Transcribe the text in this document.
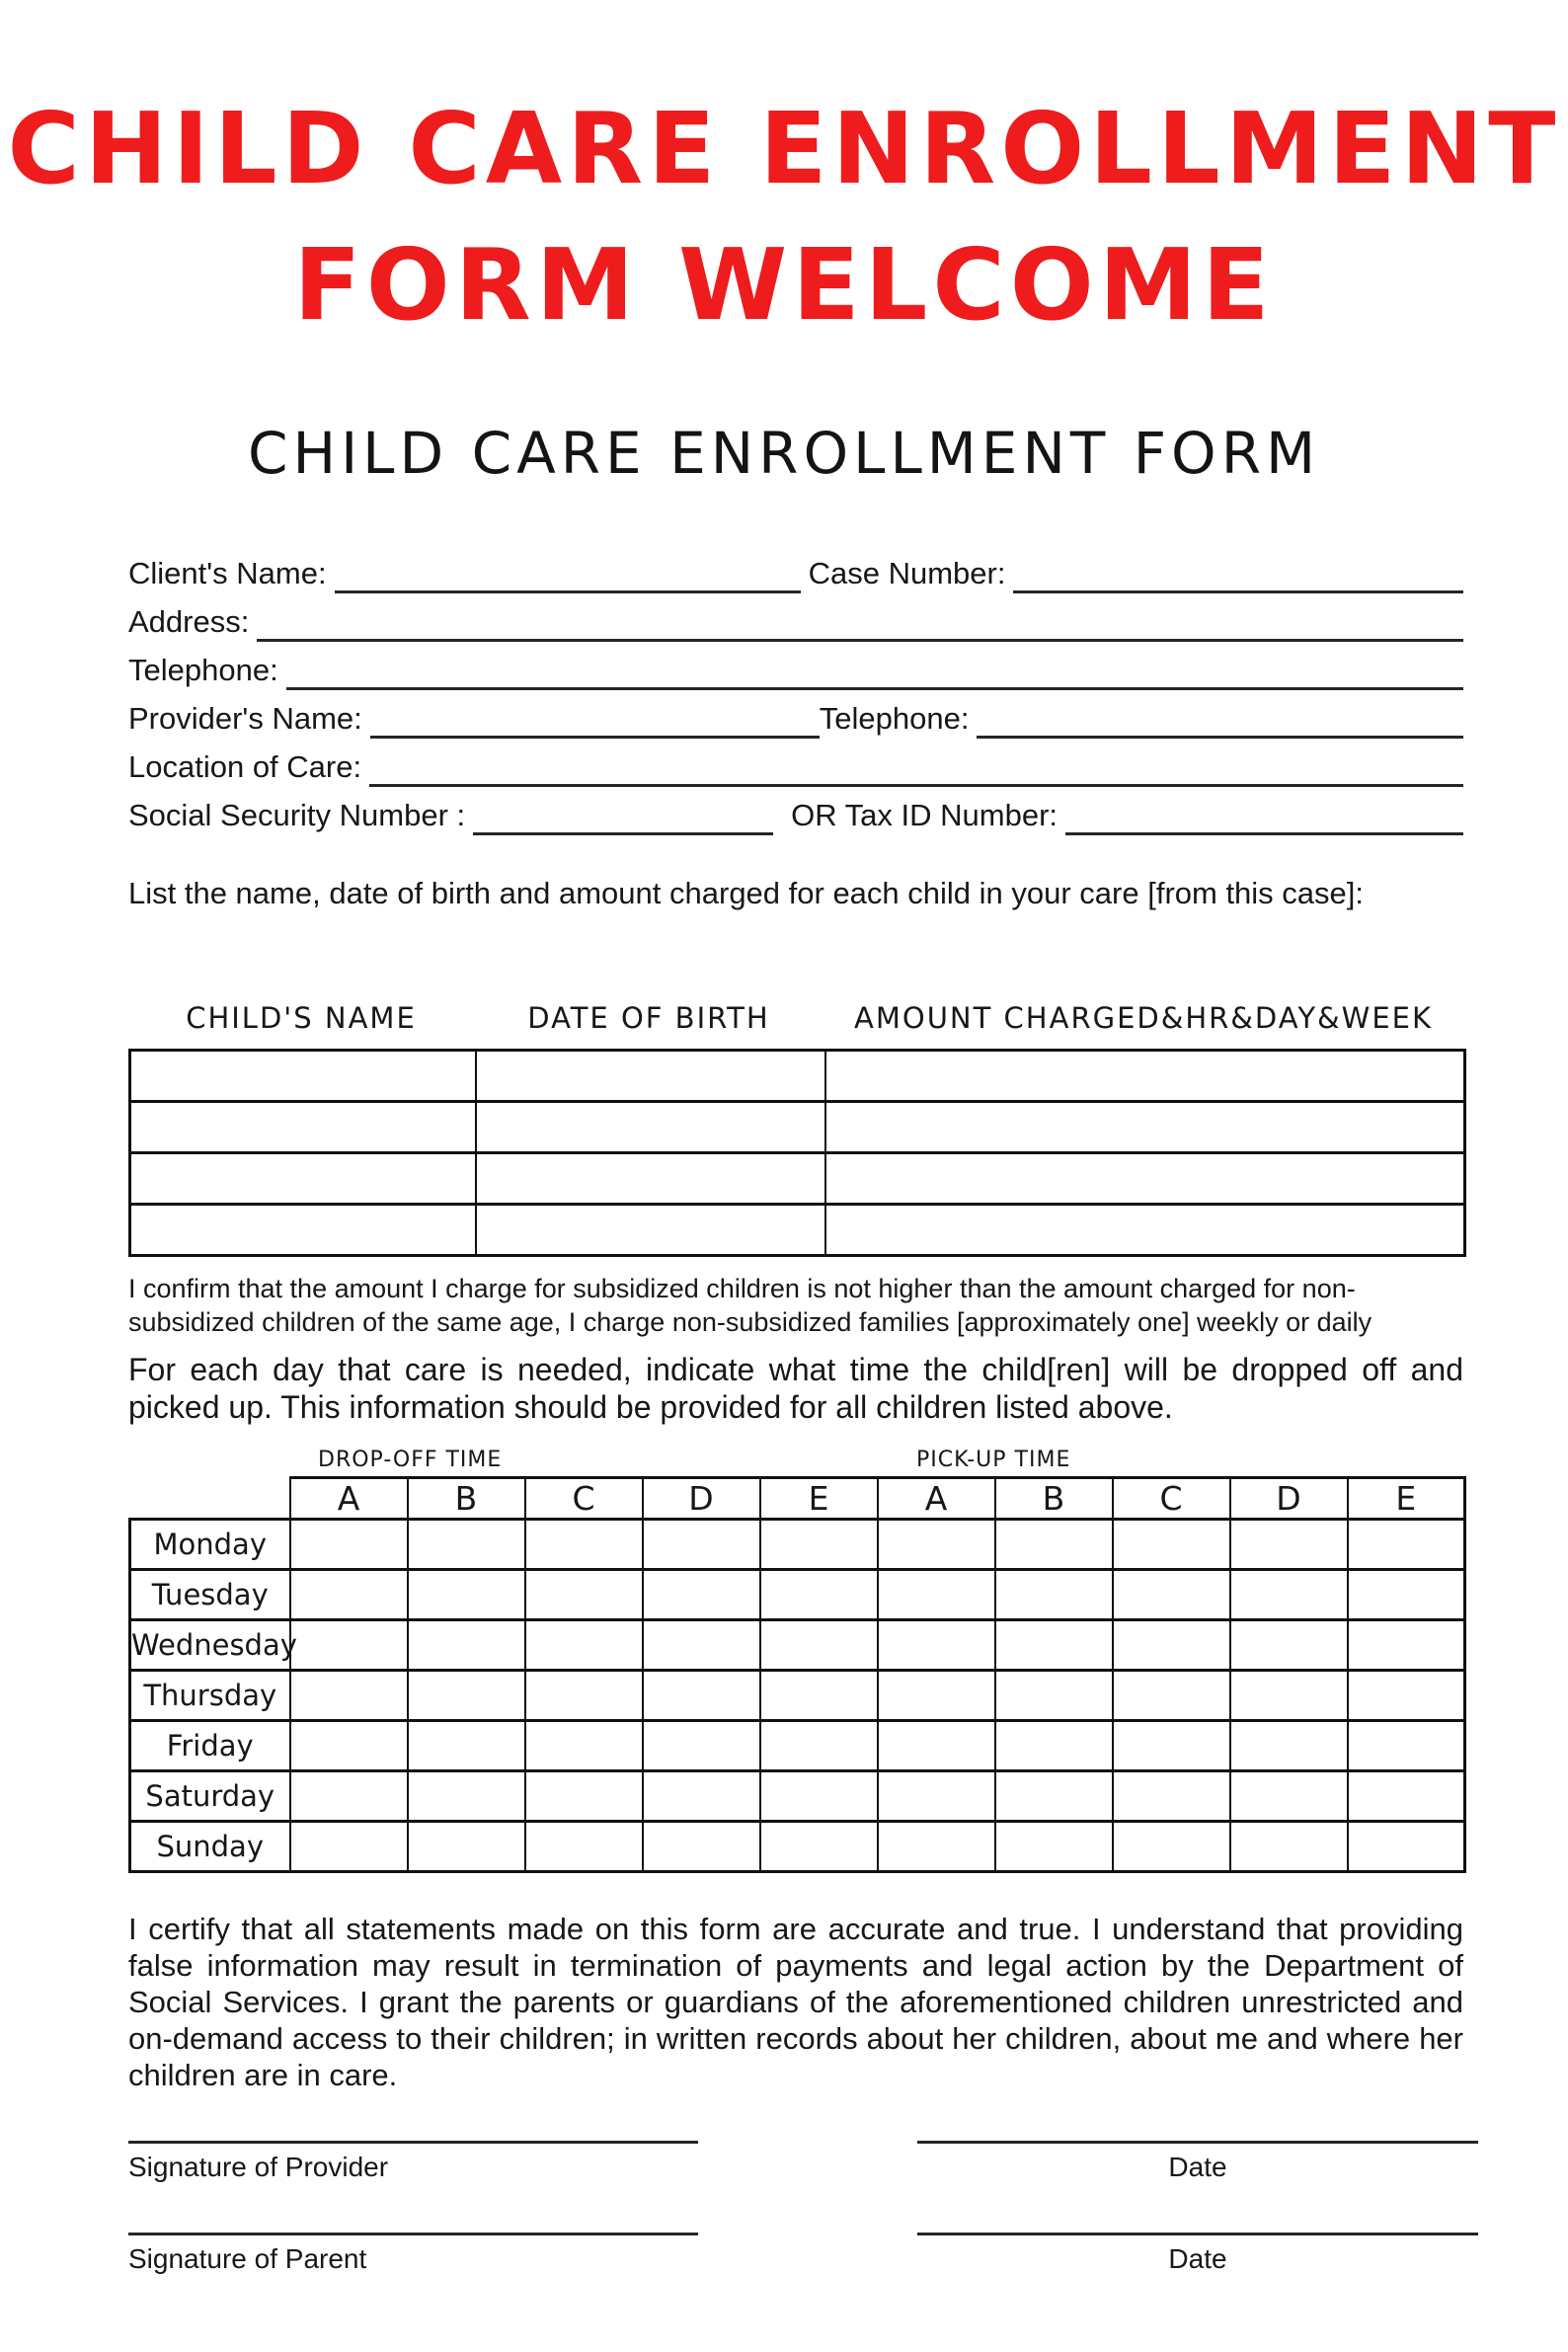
CHILD CARE ENROLLMENT
FORM WELCOME
CHILD CARE ENROLLMENT FORM
Client's Name:	Case Number:
Address:
Telephone:
Provider's Name:	Telephone:
Location of Care:
Social Security Number :	OR Tax ID Number:
List the name, date of birth and amount charged for each child in your care [from this case]:
CHILD'S NAME	DATE OF BIRTH	AMOUNT CHARGED&HR&DAY&WEEK

I confirm that the amount I charge for subsidized children is not higher than the amount charged for non-subsidized children of the same age, I charge non-subsidized families [approximately one] weekly or daily
For each day that care is needed, indicate what time the child[ren] will be dropped off and picked up. This information should be provided for all children listed above.
DROP-OFF TIME	PICK-UP TIME
	A	B	C	D	E	A	B	C	D	E
Monday										
Tuesday										
Wednesday										
Thursday										
Friday										
Saturday										
Sunday										
I certify that all statements made on this form are accurate and true. I understand that providing false information may result in termination of payments and legal action by the Department of Social Services. I grant the parents or guardians of the aforementioned children unrestricted and on-demand access to their children; in written records about her children, about me and where her children are in care.
Signature of Provider	Date
Signature of Parent	Date
